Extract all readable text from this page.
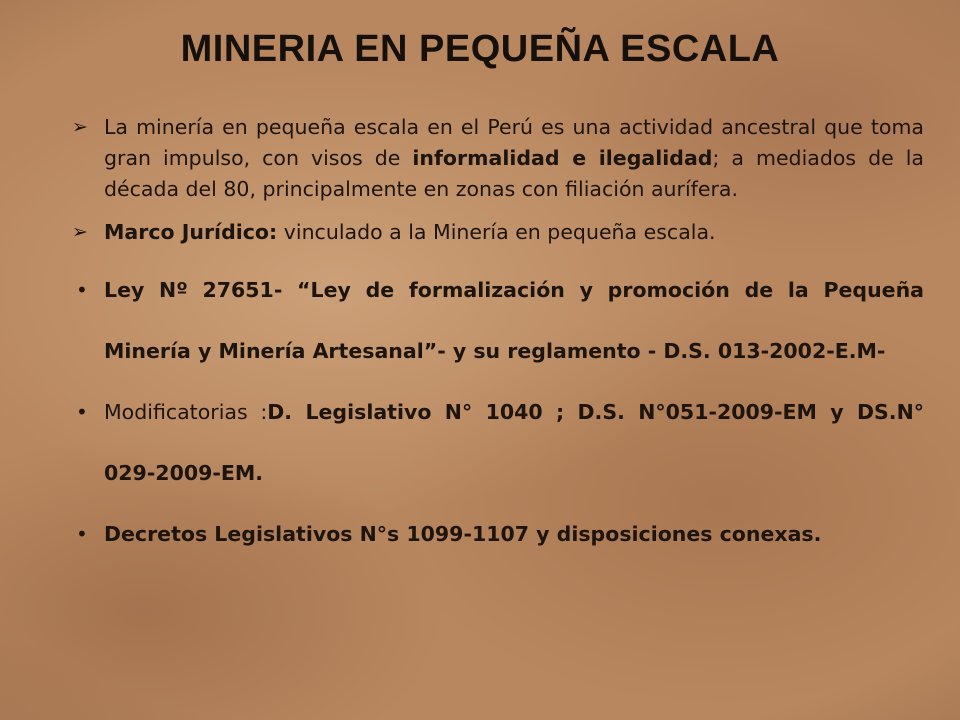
MINERIA EN PEQUEÑA ESCALA
➢ La minería en pequeña escala en el Perú es una actividad ancestral que toma gran impulso, con visos de informalidad e ilegalidad; a mediados de la década del 80, principalmente en zonas con filiación aurífera.
➢ Marco Jurídico: vinculado a la Minería en pequeña escala.
• Ley Nº 27651- “Ley de formalización y promoción de la Pequeña Minería y Minería Artesanal”- y su reglamento - D.S. 013-2002-E.M-
• Modificatorias :D. Legislativo N° 1040 ; D.S. N°051-2009-EM y DS.N° 029-2009-EM.
• Decretos Legislativos N°s 1099-1107 y disposiciones conexas.
